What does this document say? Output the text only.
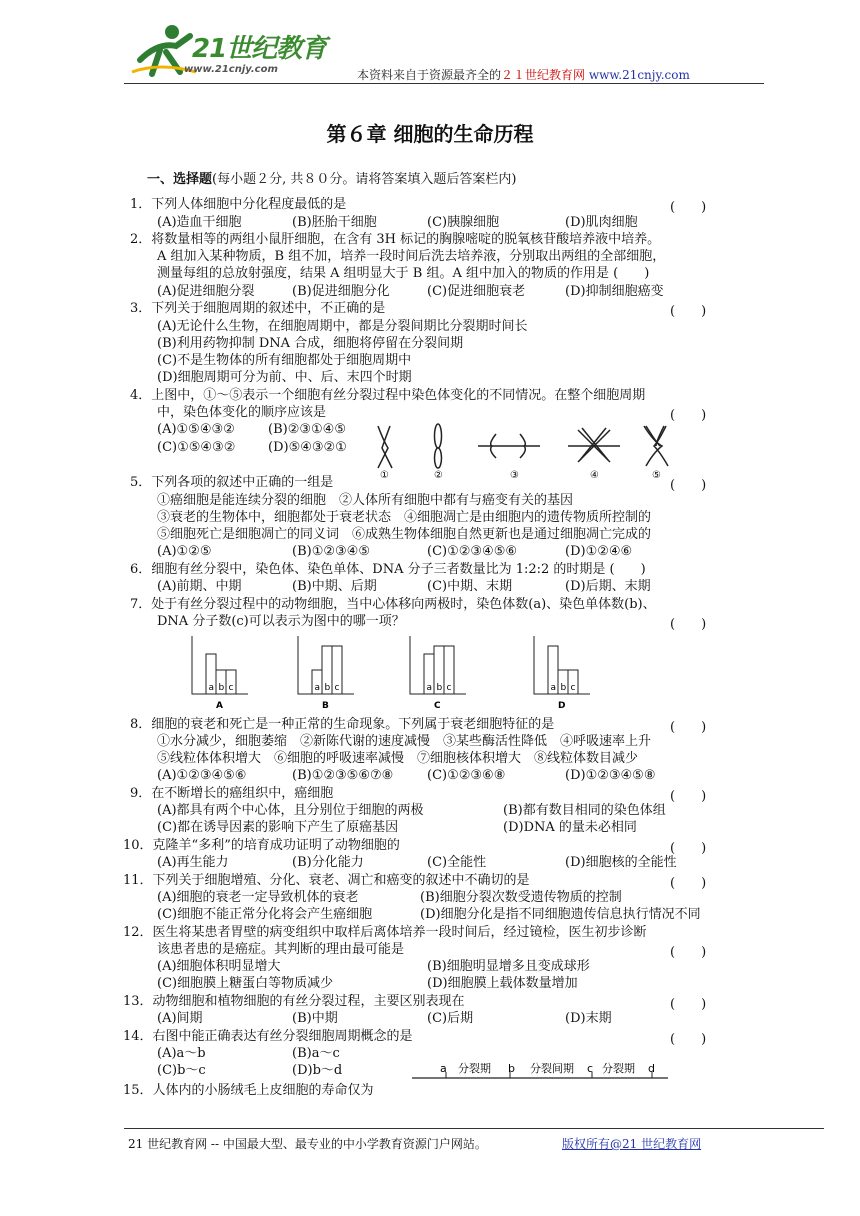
21世纪教育
www.21cnjy.com	本资料来自于资源最齐全的２１世纪教育网 www.21cnjy.com
第６章 细胞的生命历程
一、选择题(每小题２分, 共８０分。请将答案填入题后答案栏内)
1．下列人体细胞中分化程度最低的是	(　　)
(A)造血干细胞	(B)胚胎干细胞	(C)胰腺细胞	(D)肌肉细胞
2．将数量相等的两组小鼠肝细胞，在含有 3H 标记的胸腺嘧啶的脱氧核苷酸培养液中培养。
A 组加入某种物质，B 组不加，培养一段时间后洗去培养液，分别取出两组的全部细胞，
测量每组的总放射强度，结果 A 组明显大于 B 组。A 组中加入的物质的作用是 (　　)
(A)促进细胞分裂	(B)促进细胞分化	(C)促进细胞衰老	(D)抑制细胞癌变
3．下列关于细胞周期的叙述中，不正确的是	(　　)
(A)无论什么生物，在细胞周期中，都是分裂间期比分裂期时间长
(B)利用药物抑制 DNA 合成，细胞将停留在分裂间期
(C)不是生物体的所有细胞都处于细胞周期中
(D)细胞周期可分为前、中、后、末四个时期
4．上图中，①～⑤表示一个细胞有丝分裂过程中染色体变化的不同情况。在整个细胞周期
中，染色体变化的顺序应该是	(　　)
(A)①⑤④③②	(B)②③①④⑤
(C)①⑤④③②	(D)⑤④③②①
①	②	③	④	⑤
5．下列各项的叙述中正确的一组是	(　　)
①癌细胞是能连续分裂的细胞　②人体所有细胞中都有与癌变有关的基因
③衰老的生物体中，细胞都处于衰老状态　④细胞凋亡是由细胞内的遗传物质所控制的
⑤细胞死亡是细胞凋亡的同义词　⑥成熟生物体细胞自然更新也是通过细胞凋亡完成的
(A)①②⑤	(B)①②③④⑤	(C)①②③④⑤⑥	(D)①②④⑥
6．细胞有丝分裂中，染色体、染色单体、DNA 分子三者数量比为 1:2:2 的时期是 (　　)
(A)前期、中期	(B)中期、后期	(C)中期、末期	(D)后期、末期
7．处于有丝分裂过程中的动物细胞，当中心体移向两极时，染色体数(a)、染色单体数(b)、
DNA 分子数(c)可以表示为图中的哪一项？	(　　)
a b c
A
a b c
B
a b c
C
a b c
D
8．细胞的衰老和死亡是一种正常的生命现象。下列属于衰老细胞特征的是	(　　)
①水分减少，细胞萎缩　②新陈代谢的速度减慢　③某些酶活性降低　④呼吸速率上升
⑤线粒体体积增大　⑥细胞的呼吸速率减慢　⑦细胞核体积增大　⑧线粒体数目减少
(A)①②③④⑤⑥	(B)①②③⑤⑥⑦⑧	(C)①②③⑥⑧	(D)①②③④⑤⑧
9．在不断增长的癌组织中，癌细胞	(　　)
(A)都具有两个中心体，且分别位于细胞的两极	(B)都有数目相同的染色体组
(C)都在诱导因素的影响下产生了原癌基因	(D)DNA 的量未必相同
10．克隆羊“多利”的培育成功证明了动物细胞的	(　　)
(A)再生能力	(B)分化能力	(C)全能性	(D)细胞核的全能性
11．下列关于细胞增殖、分化、衰老、凋亡和癌变的叙述中不确切的是	(　　)
(A)细胞的衰老一定导致机体的衰老	(B)细胞分裂次数受遗传物质的控制
(C)细胞不能正常分化将会产生癌细胞	(D)细胞分化是指不同细胞遗传信息执行情况不同
12．医生将某患者胃壁的病变组织中取样后离体培养一段时间后，经过镜检，医生初步诊断
该患者患的是癌症。其判断的理由最可能是	(　　)
(A)细胞体积明显增大	(B)细胞明显增多且变成球形
(C)细胞膜上糖蛋白等物质减少	(D)细胞膜上载体数量增加
13．动物细胞和植物细胞的有丝分裂过程，主要区别表现在	(　　)
(A)间期	(B)中期	(C)后期	(D)末期
14．右图中能正确表达有丝分裂细胞周期概念的是	(　　)
(A)a～b	(B)a～c
(C)b～c	(D)b～d	a	b	c	d
分裂期	分裂间期	分裂期
15．人体内的小肠绒毛上皮细胞的寿命仅为
21 世纪教育网 -- 中国最大型、最专业的中小学教育资源门户网站。	版权所有@21 世纪教育网
